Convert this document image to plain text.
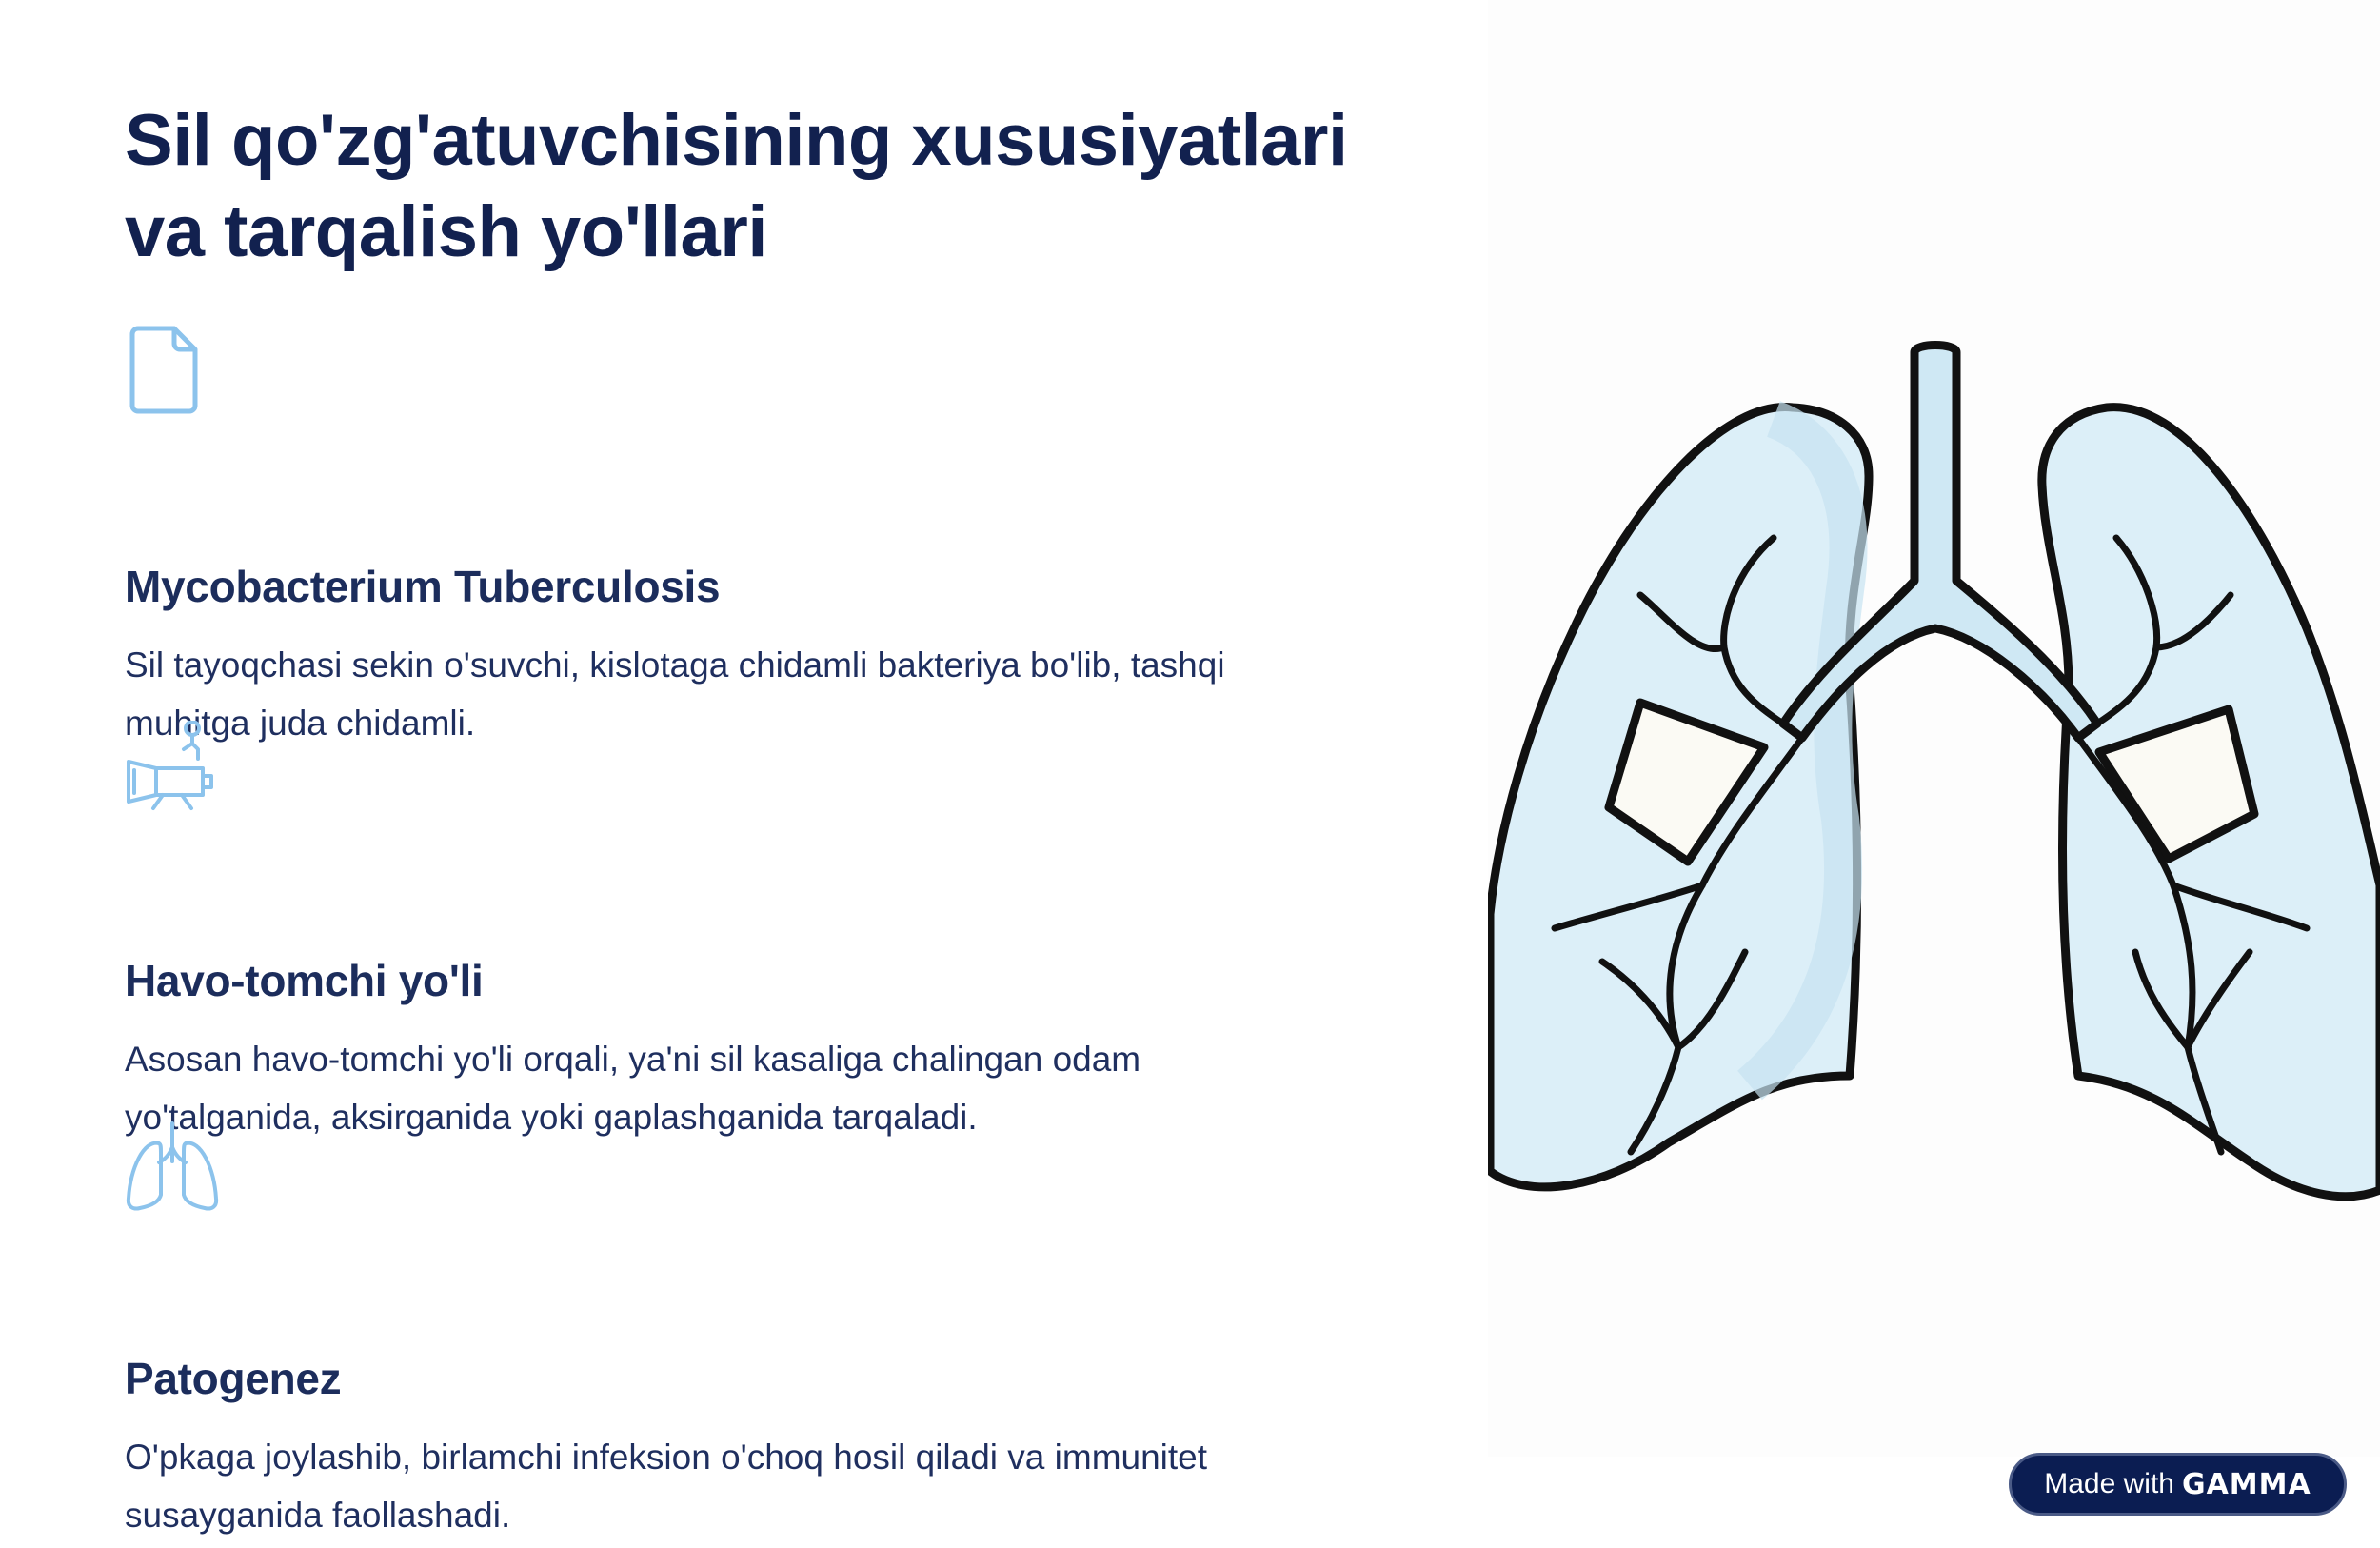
Sil qo'zg'atuvchisining xususiyatlari
va tarqalish yo'llari
Mycobacterium Tuberculosis

Sil tayoqchasi sekin o'suvchi, kislotaga chidamli bakteriya bo'lib, tashqi
muhitga juda chidamli.

Havo-tomchi yo'li

Asosan havo-tomchi yo'li orqali, ya'ni sil kasaliga chalingan odam
yo'talganida, aksirganida yoki gaplashganida tarqaladi.

Patogenez

O'pkaga joylashib, birlamchi infeksion o'choq hosil qiladi va immunitet
susayganida faollashadi.

Made with GAMMA
